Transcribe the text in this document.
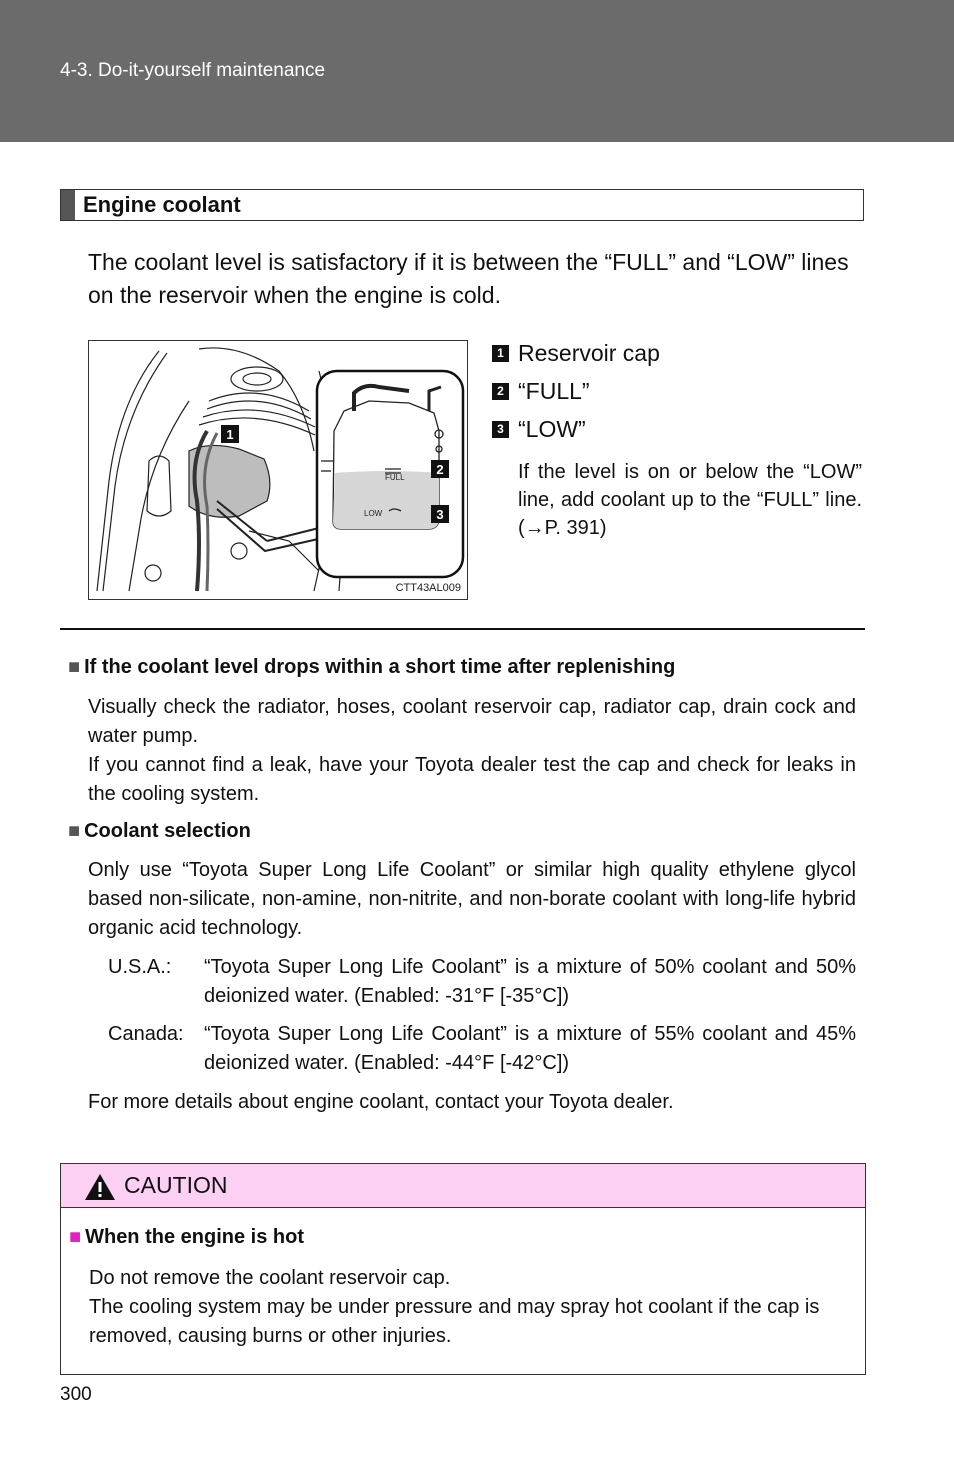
4-3. Do-it-yourself maintenance
Engine coolant
The coolant level is satisfactory if it is between the “FULL” and “LOW” lines on the reservoir when the engine is cold.
FULL
LOW
1
2
3
CTT43AL009
1 Reservoir cap
2 “FULL”
3 “LOW”
If the level is on or below the “LOW” line, add coolant up to the “FULL” line. (→P. 391)
■ If the coolant level drops within a short time after replenishing

Visually check the radiator, hoses, coolant reservoir cap, radiator cap, drain cock and water pump.

If you cannot find a leak, have your Toyota dealer test the cap and check for leaks in the cooling system.

■ Coolant selection

Only use “Toyota Super Long Life Coolant” or similar high quality ethylene glycol based non-silicate, non-amine, non-nitrite, and non-borate coolant with long-life hybrid organic acid technology.

U.S.A.:	“Toyota Super Long Life Coolant” is a mixture of 50% coolant and 50% deionized water. (Enabled: -31°F [-35°C])
Canada:	“Toyota Super Long Life Coolant” is a mixture of 55% coolant and 45% deionized water. (Enabled: -44°F [-42°C])
For more details about engine coolant, contact your Toyota dealer.
CAUTION
■ When the engine is hot

Do not remove the coolant reservoir cap.

The cooling system may be under pressure and may spray hot coolant if the cap is removed, causing burns or other injuries.

300
